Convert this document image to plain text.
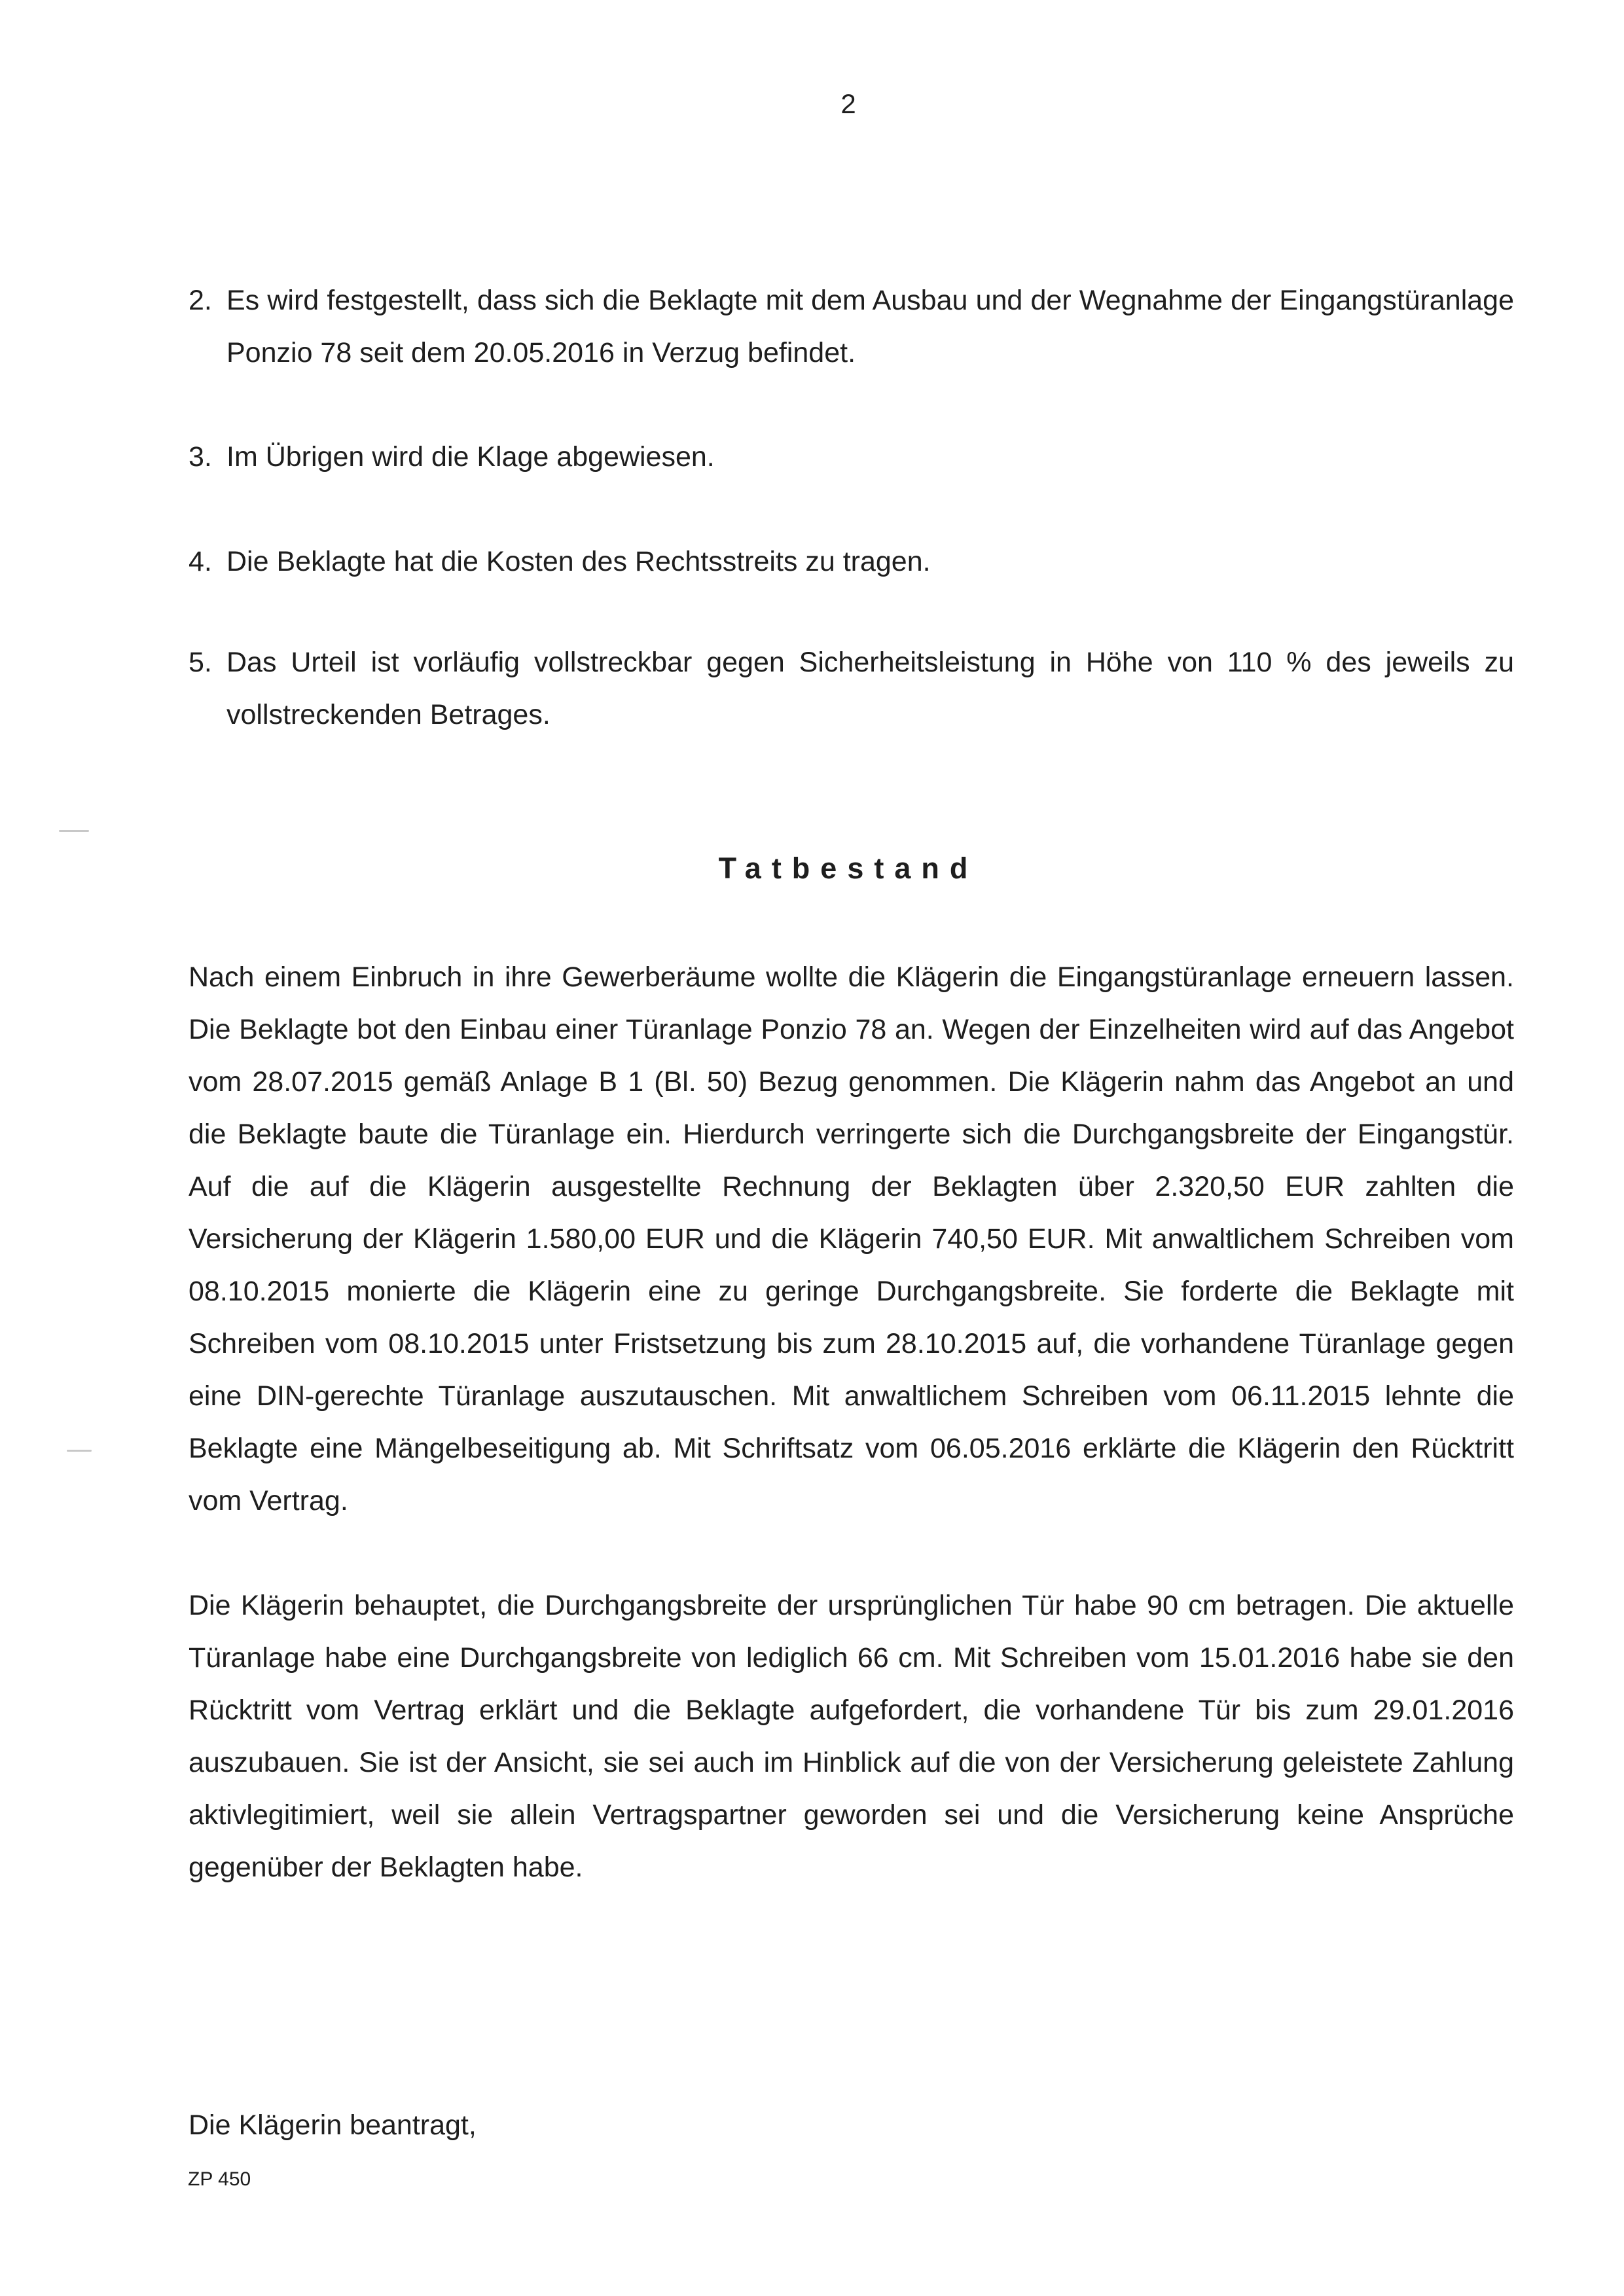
2
2. Es wird festgestellt, dass sich die Beklagte mit dem Ausbau und der Wegnahme der Eingangstüranlage Ponzio 78 seit dem 20.05.2016 in Verzug befindet.
3. Im Übrigen wird die Klage abgewiesen.
4. Die Beklagte hat die Kosten des Rechtsstreits zu tragen.
5. Das Urteil ist vorläufig vollstreckbar gegen Sicherheitsleistung in Höhe von 110 % des jeweils zu vollstreckenden Betrages.
Tatbestand
Nach einem Einbruch in ihre Gewerberäume wollte die Klägerin die Eingangstüranlage erneuern lassen. Die Beklagte bot den Einbau einer Türanlage Ponzio 78 an. Wegen der Einzelheiten wird auf das Angebot vom 28.07.2015 gemäß Anlage B 1 (Bl. 50) Bezug genommen. Die Klägerin nahm das Angebot an und die Beklagte baute die Türanlage ein. Hierdurch verringerte sich die Durchgangsbreite der Eingangstür. Auf die auf die Klägerin ausgestellte Rechnung der Beklagten über 2.320,50 EUR zahlten die Versicherung der Klägerin 1.580,00 EUR und die Klägerin 740,50 EUR. Mit anwaltlichem Schreiben vom 08.10.2015 monierte die Klägerin eine zu geringe Durchgangsbreite. Sie forderte die Beklagte mit Schreiben vom 08.10.2015 unter Fristsetzung bis zum 28.10.2015 auf, die vorhandene Türanlage gegen eine DIN-gerechte Türanlage auszutauschen. Mit anwaltlichem Schreiben vom 06.11.2015 lehnte die Beklagte eine Mängelbeseitigung ab. Mit Schriftsatz vom 06.05.2016 erklärte die Klägerin den Rücktritt vom Vertrag.
Die Klägerin behauptet, die Durchgangsbreite der ursprünglichen Tür habe 90 cm betragen. Die aktuelle Türanlage habe eine Durchgangsbreite von lediglich 66 cm. Mit Schreiben vom 15.01.2016 habe sie den Rücktritt vom Vertrag erklärt und die Beklagte aufgefordert, die vorhandene Tür bis zum 29.01.2016 auszubauen. Sie ist der Ansicht, sie sei auch im Hinblick auf die von der Versicherung geleistete Zahlung aktivlegitimiert, weil sie allein Vertragspartner geworden sei und die Versicherung keine Ansprüche gegenüber der Beklagten habe.
Die Klägerin beantragt,
ZP 450
